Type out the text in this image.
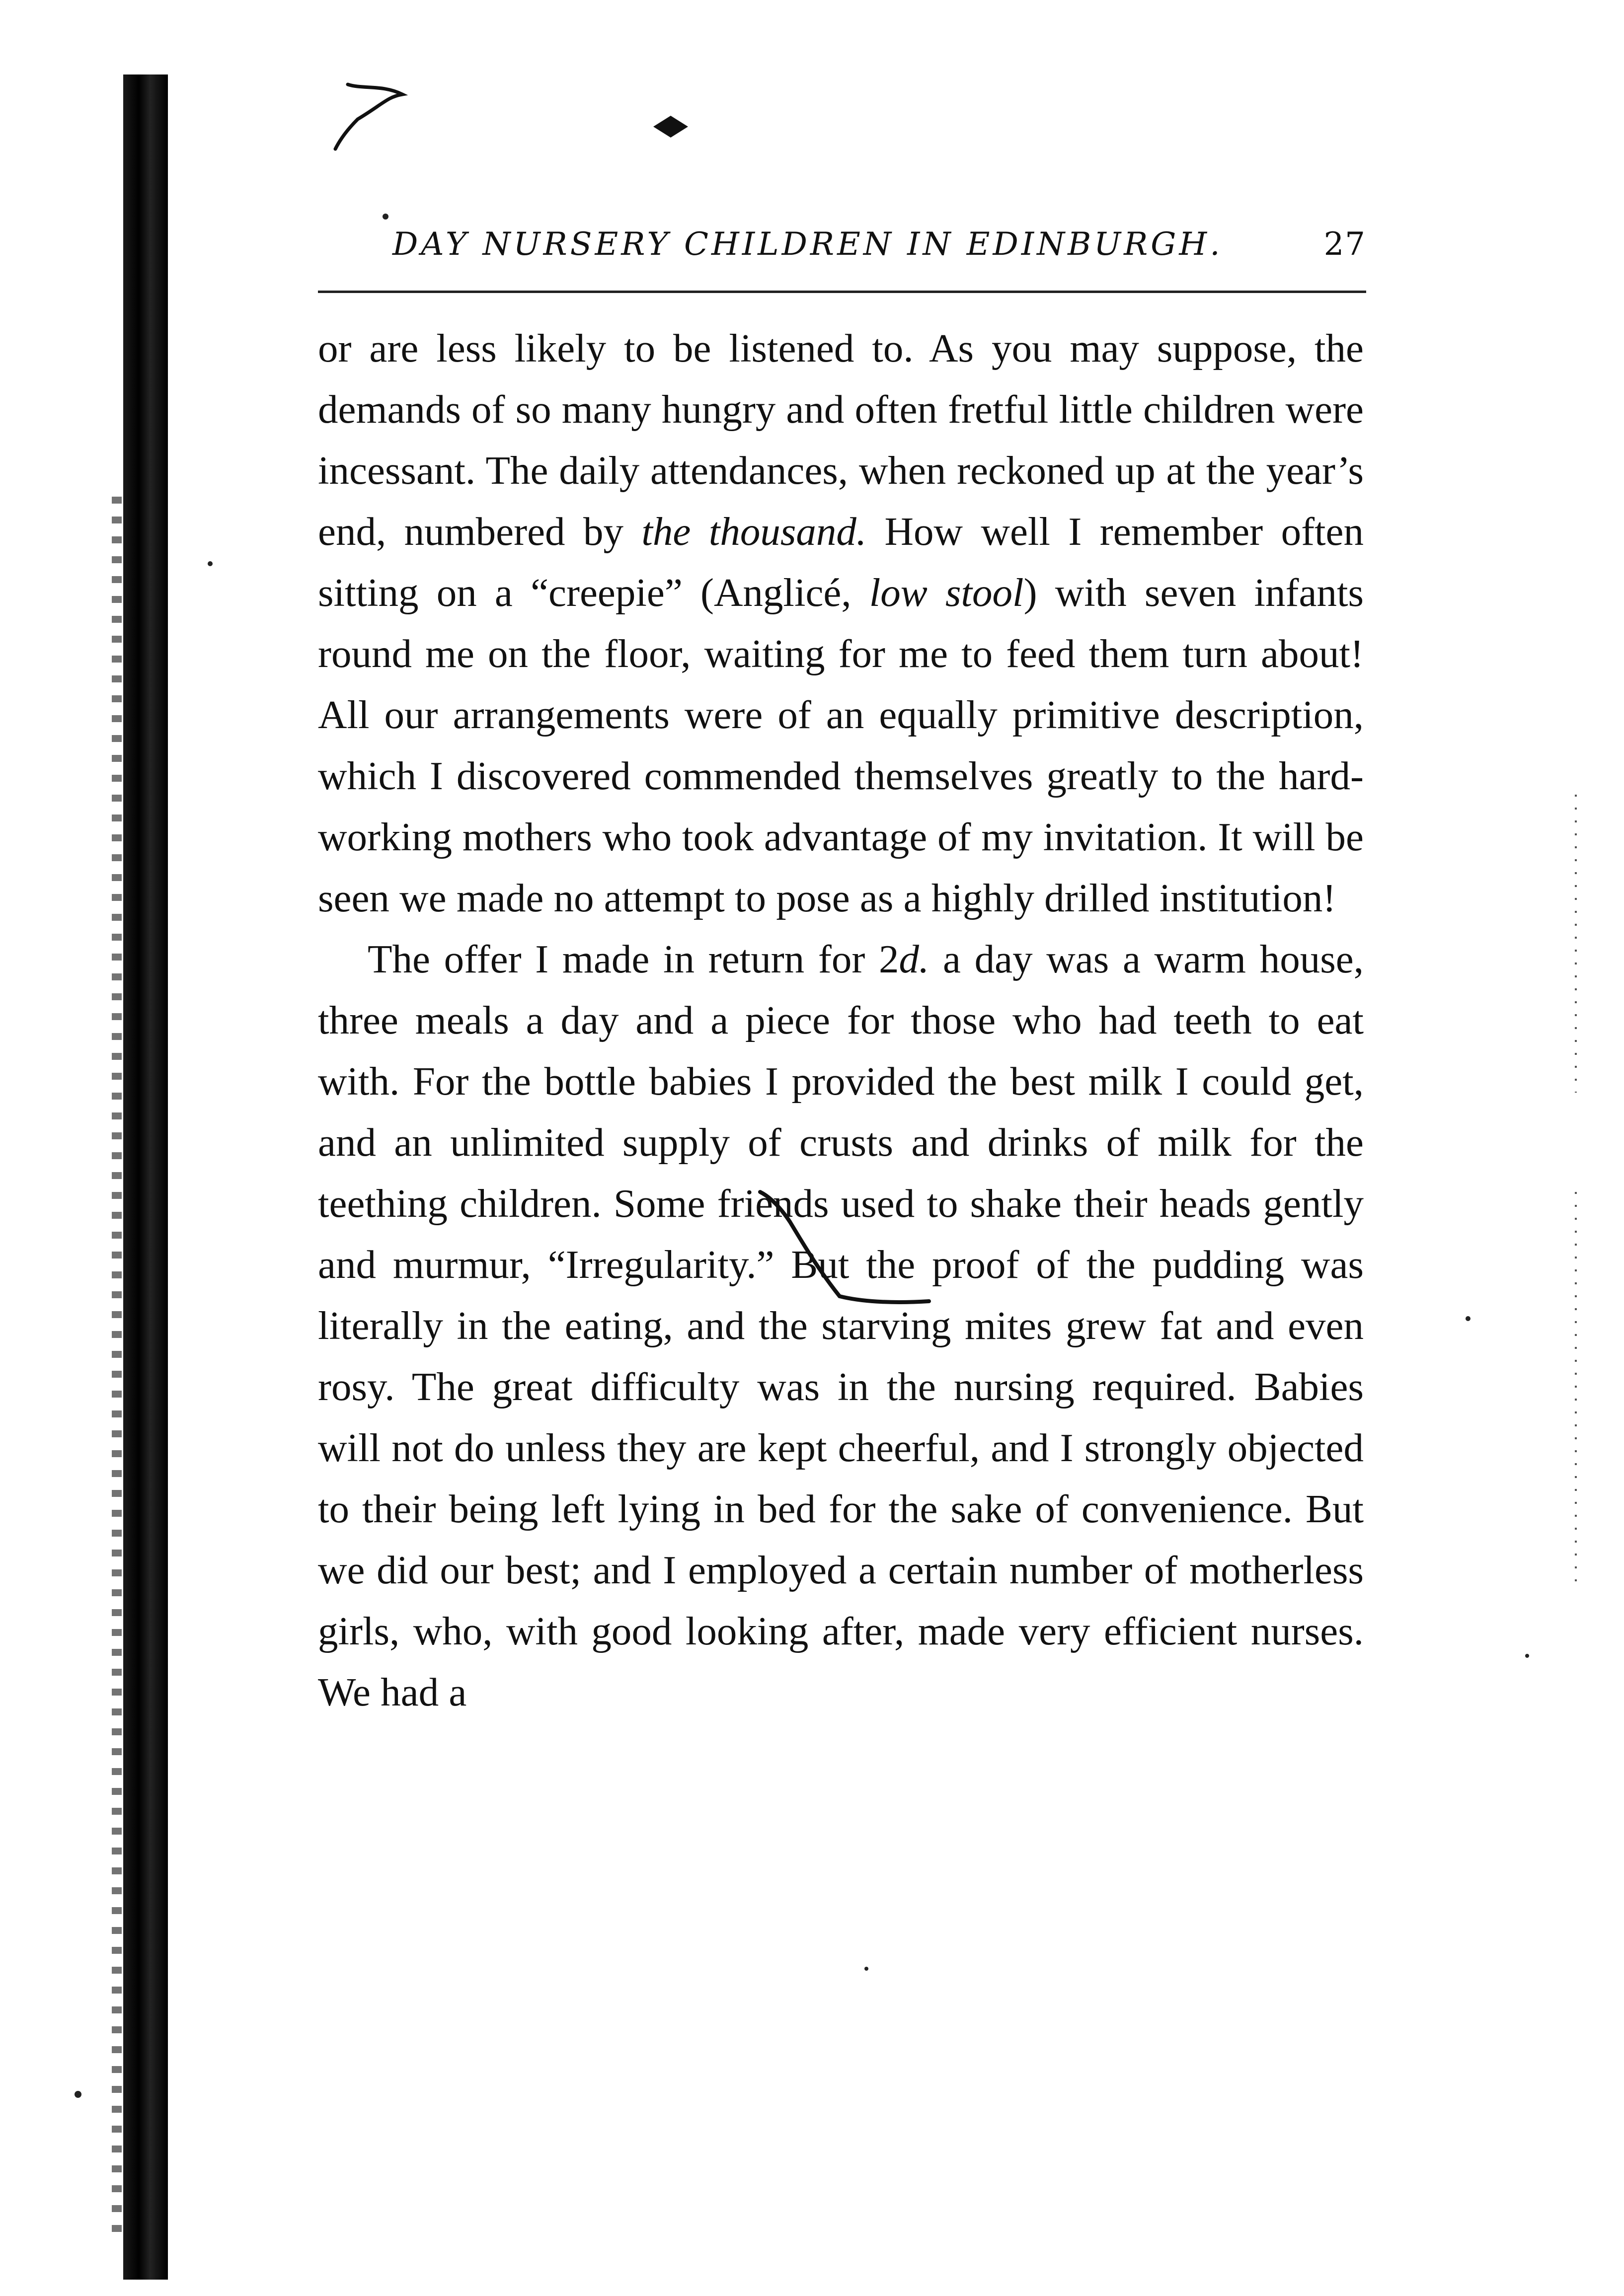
DAY NURSERY CHILDREN IN EDINBURGH.	27

or are less likely to be listened to. As you may suppose, the demands of so many hungry and often fretful little children were incessant. The daily attendances, when reckoned up at the year’s end, numbered by the thousand. How well I remember often sitting on a “creepie” (Anglicé, low stool) with seven infants round me on the floor, waiting for me to feed them turn about! All our arrangements were of an equally primitive description, which I discovered commended themselves greatly to the hard-working mothers who took advantage of my invitation. It will be seen we made no attempt to pose as a highly drilled institution!

The offer I made in return for 2d. a day was a warm house, three meals a day and a piece for those who had teeth to eat with. For the bottle babies I provided the best milk I could get, and an unlimited supply of crusts and drinks of milk for the teething children. Some friends used to shake their heads gently and murmur, “Irregularity.” But the proof of the pudding was literally in the eating, and the starving mites grew fat and even rosy. The great difficulty was in the nursing required. Babies will not do unless they are kept cheerful, and I strongly objected to their being left lying in bed for the sake of convenience. But we did our best; and I employed a certain number of motherless girls, who, with good looking after, made very efficient nurses. We had a
